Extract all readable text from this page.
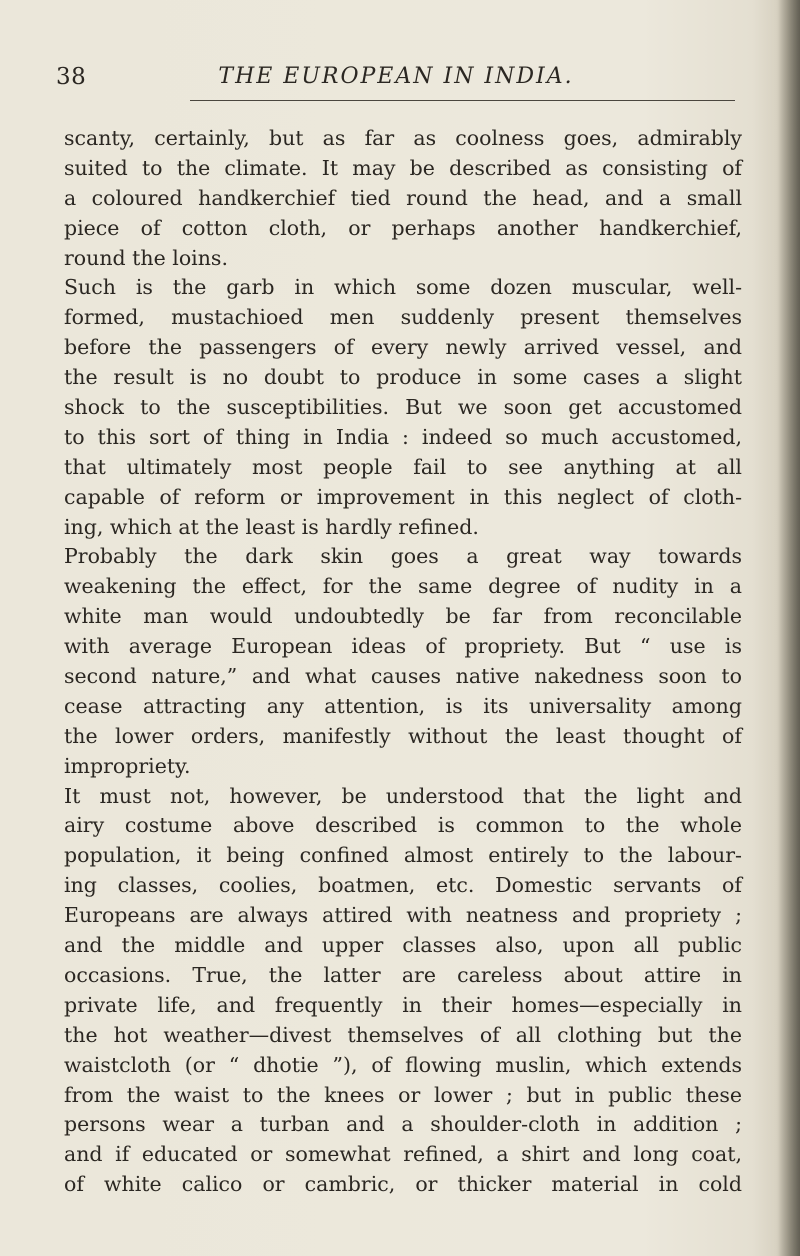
38	THE EUROPEAN IN INDIA.
scanty, certainly, but as far as coolness goes, admirably
suited to the climate. It may be described as consisting of
a coloured handkerchief tied round the head, and a small
piece of cotton cloth, or perhaps another handkerchief,
round the loins.
Such is the garb in which some dozen muscular, well-
formed, mustachioed men suddenly present themselves
before the passengers of every newly arrived vessel, and
the result is no doubt to produce in some cases a slight
shock to the susceptibilities. But we soon get accustomed
to this sort of thing in India : indeed so much accustomed,
that ultimately most people fail to see anything at all
capable of reform or improvement in this neglect of cloth-
ing, which at the least is hardly refined.
Probably the dark skin goes a great way towards
weakening the effect, for the same degree of nudity in a
white man would undoubtedly be far from reconcilable
with average European ideas of propriety. But “ use is
second nature,” and what causes native nakedness soon to
cease attracting any attention, is its universality among
the lower orders, manifestly without the least thought of
impropriety.
It must not, however, be understood that the light and
airy costume above described is common to the whole
population, it being confined almost entirely to the labour-
ing classes, coolies, boatmen, etc. Domestic servants of
Europeans are always attired with neatness and propriety ;
and the middle and upper classes also, upon all public
occasions. True, the latter are careless about attire in
private life, and frequently in their homes—especially in
the hot weather—divest themselves of all clothing but the
waistcloth (or “ dhotie ”), of flowing muslin, which extends
from the waist to the knees or lower ; but in public these
persons wear a turban and a shoulder-cloth in addition ;
and if educated or somewhat refined, a shirt and long coat,
of white calico or cambric, or thicker material in cold
